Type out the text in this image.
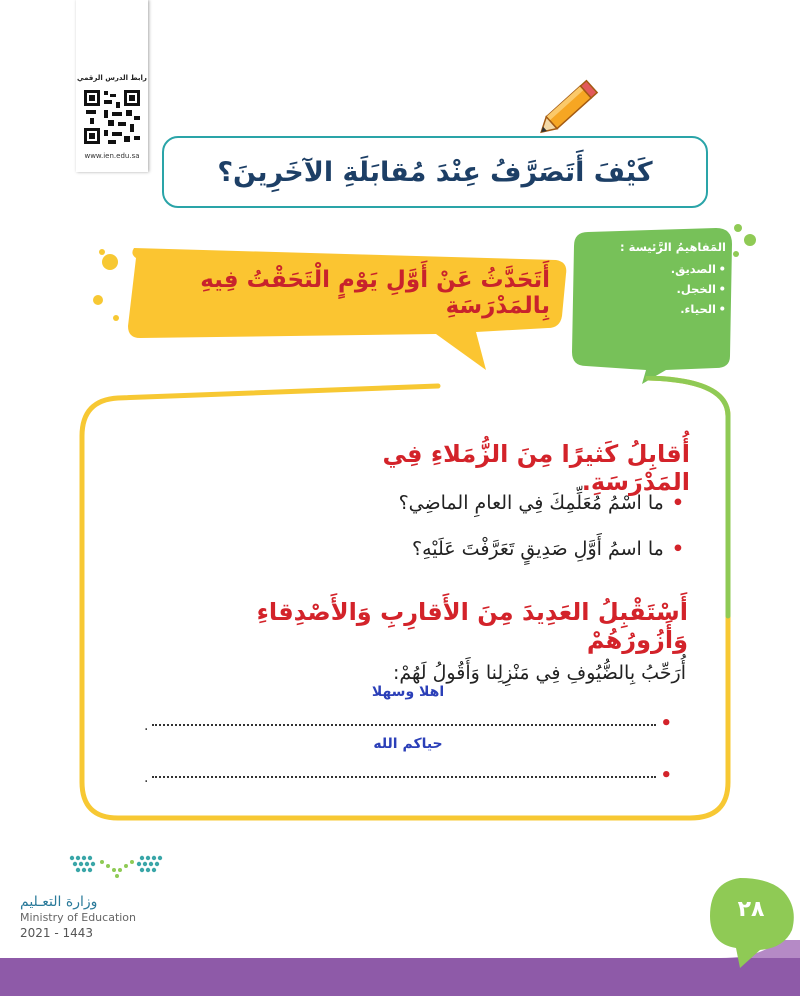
رابط الدرس الرقمي
www.ien.edu.sa
كَيْفَ أَتَصَرَّفُ عِنْدَ مُقابَلَةِ الآخَرِينَ؟
أَتَحَدَّثُ عَنْ أَوَّلِ يَوْمٍ الْتَحَقْتُ فِيهِ بِالمَدْرَسَةِ
المَفاهيمُ الرَّئيسة :
• الصديق.
• الخجل.
• الحياء.
أُقابِلُ كَثيرًا مِنَ الزُّمَلاءِ فِي المَدْرَسَةِ.
•ما اسْمُ مُعَلِّمِكَ فِي العامِ الماضِي؟
•ما اسمُ أَوَّلِ صَدِيقٍ تَعَرَّفْتَ عَلَيْهِ؟
أَسْتَقْبِلُ العَدِيدَ مِنَ الأَقارِبِ وَالأَصْدِقاءِ وَأَزُورُهُمْ
أُرَحِّبُ بِالضُّيُوفِ فِي مَنْزِلِنا وَأَقُولُ لَهُمْ:
•
.
اهلا وسهلا
•
.
حياكم الله
وزارة التعـليم
Ministry of Education
2021 - 1443
٢٨
